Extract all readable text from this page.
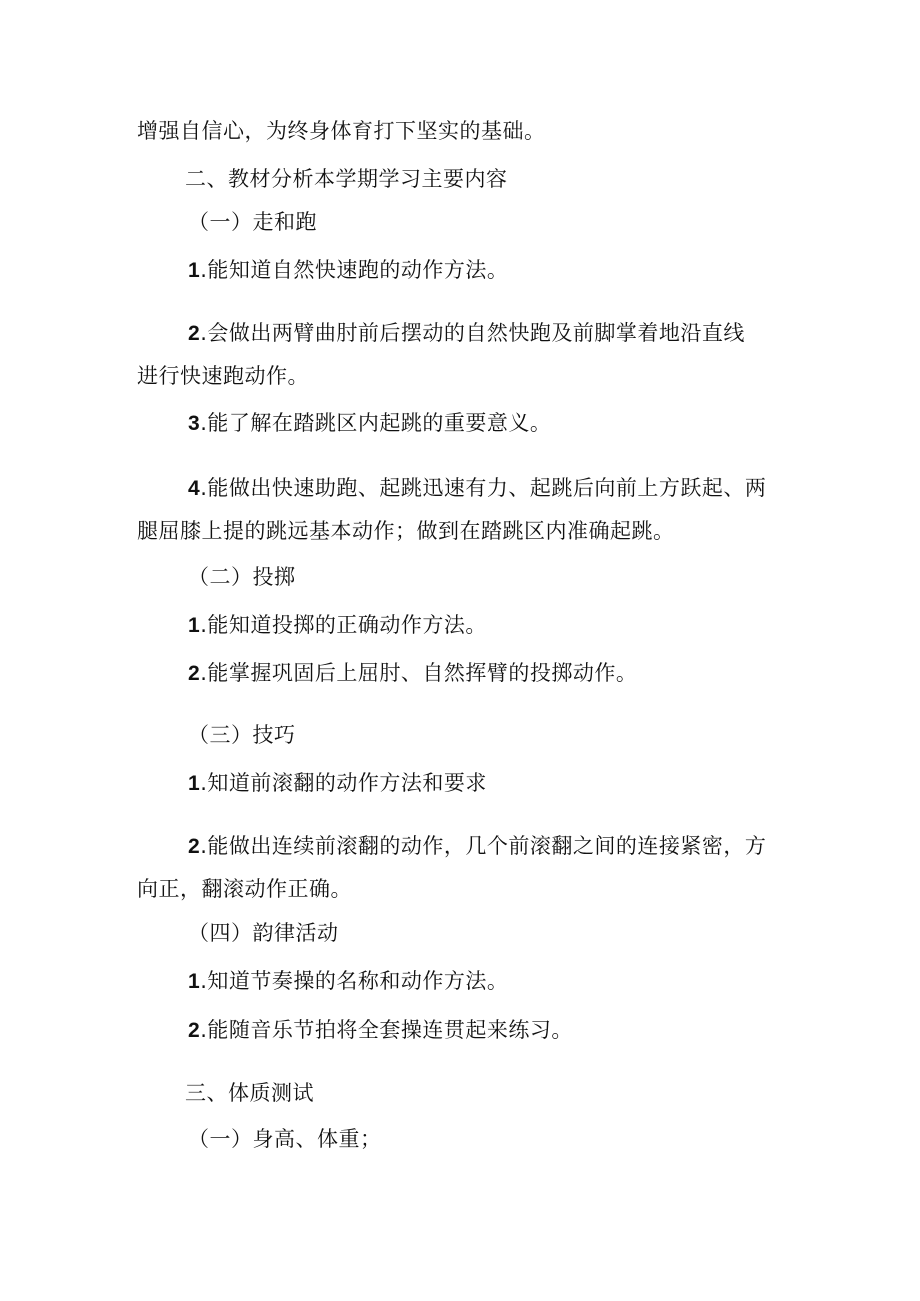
增强自信心，为终身体育打下坚实的基础。

二、教材分析本学期学习主要内容

（一）走和跑

1.能知道自然快速跑的动作方法。

2.会做出两臂曲肘前后摆动的自然快跑及前脚掌着地沿直线

进行快速跑动作。

3.能了解在踏跳区内起跳的重要意义。

4.能做出快速助跑、起跳迅速有力、起跳后向前上方跃起、两

腿屈膝上提的跳远基本动作；做到在踏跳区内准确起跳。

（二）投掷

1.能知道投掷的正确动作方法。

2.能掌握巩固后上屈肘、自然挥臂的投掷动作。

（三）技巧

1.知道前滚翻的动作方法和要求

2.能做出连续前滚翻的动作，几个前滚翻之间的连接紧密，方

向正，翻滚动作正确。

（四）韵律活动

1.知道节奏操的名称和动作方法。

2.能随音乐节拍将全套操连贯起来练习。

三、体质测试

（一）身高、体重；
